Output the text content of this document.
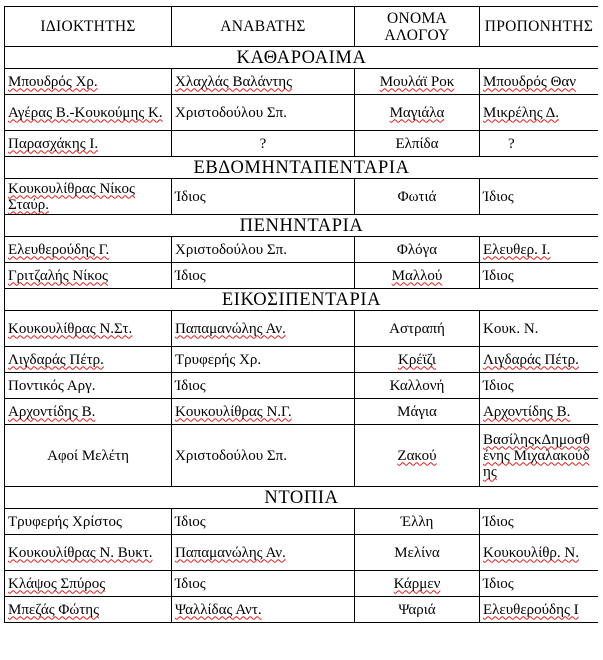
ΙΔΙΟΚΤΗΤΗΣ	ΑΝΑΒΑΤΗΣ	ΟΝΟΜΑ ΑΛΟΓΟΥ	ΠΡΟΠΟΝΗΤΗΣ
ΚΑΘΑΡΟΑΙΜΑ			
Μπουδρός Χρ.	Χλαχλάς Βαλάντης	Μουλάϊ Ροκ	Μπουδρός Θαν
Αγέρας Β.-Κουκούμης Κ.	Χριστοδούλου Σπ.	Μαγιάλα	Μικρέλης Δ.
Παρασχάκης Ι.	?	Ελπίδα	?
ΕΒΔΟΜΗΝΤΑΠΕΝΤΑΡΙΑ			
Κουκουλίθρας Νίκος Σταύρ.	Ίδιος	Φωτιά	Ίδιος
ΠΕΝΗΝΤΑΡΙΑ			
Ελευθερούδης Γ.	Χριστοδούλου Σπ.	Φλόγα	Ελευθερ. Ι.
Γριτζαλής Νίκος	Ίδιος	Μαλλού	Ίδιος
ΕΙΚΟΣΙΠΕΝΤΑΡΙΑ			
Κουκουλίθρας Ν.Στ.	Παπαμανώλης Αν.	Αστραπή	Κουκ. Ν.
Λιγδαράς Πέτρ.	Τρυφερής Χρ.	Κρέϊζι	Λιγδαράς Πέτρ.
Ποντικός Αργ.	Ίδιος	Καλλονή	Ίδιος
Αρχοντίδης Β.	Κουκουλίθρας Ν.Γ.	Μάγια	Αρχοντίδης Β.
Αφοί Μελέτη	Χριστοδούλου Σπ.	Ζακού	ΒασίληςκΔημοσθένης Μιχαλακούδης
ΝΤΟΠΙΑ			
Τρυφερής Χρίστος	Ίδιος	Έλλη	Ίδιος
Κουκουλίθρας Ν. Βυκτ.	Παπαμανώλης Αν.	Μελίνα	Κουκουλίθρ. Ν.
Κλάψος Σπύρος	Ίδιος	Κάρμεν	Ίδιος
Μπεζάς Φώτης	Ψαλλίδας Αντ.	Ψαριά	Ελευθερούδης Ι
